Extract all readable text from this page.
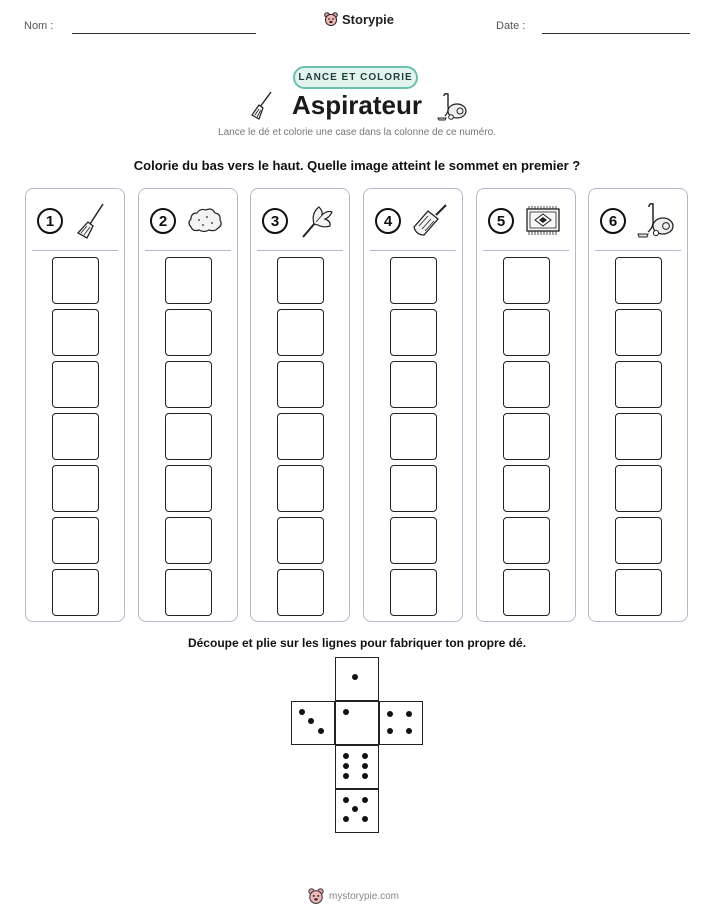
Nom :	Storypie	Date :
LANCE ET COLORIE
Aspirateur
Lance le dé et colorie une case dans la colonne de ce numéro.
Colorie du bas vers le haut. Quelle image atteint le sommet en premier ?
1	2	3	4	5	6
Découpe et plie sur les lignes pour fabriquer ton propre dé.
mystorypie.com
